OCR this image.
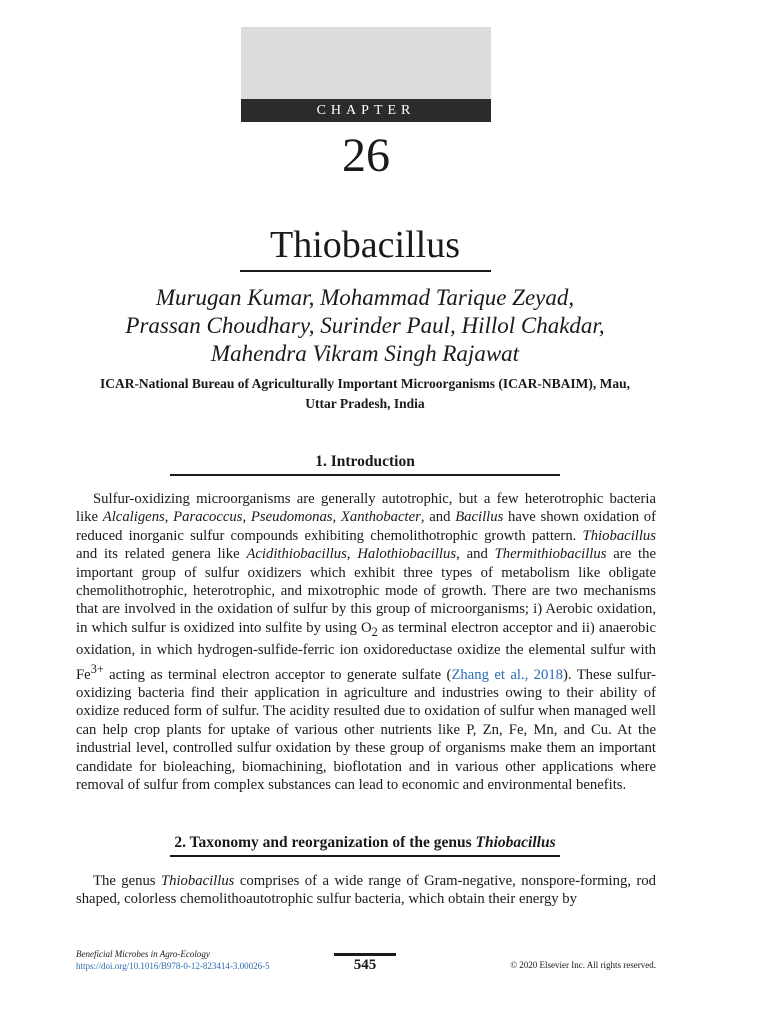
CHAPTER
26
Thiobacillus
Murugan Kumar, Mohammad Tarique Zeyad,
Prassan Choudhary, Surinder Paul, Hillol Chakdar,
Mahendra Vikram Singh Rajawat
ICAR-National Bureau of Agriculturally Important Microorganisms (ICAR-NBAIM), Mau,
Uttar Pradesh, India
1. Introduction

Sulfur-oxidizing microorganisms are generally autotrophic, but a few heterotrophic bacteria like Alcaligens, Paracoccus, Pseudomonas, Xanthobacter, and Bacillus have shown oxidation of reduced inorganic sulfur compounds exhibiting chemolithotrophic growth pattern. Thiobacillus and its related genera like Acidithiobacillus, Halothiobacillus, and Thermithiobacillus are the important group of sulfur oxidizers which exhibit three types of metabolism like obligate chemolithotrophic, heterotrophic, and mixotrophic mode of growth. There are two mechanisms that are involved in the oxidation of sulfur by this group of microorganisms; i) Aerobic oxidation, in which sulfur is oxidized into sulfite by using $O_2$ as terminal electron acceptor and ii) anaerobic oxidation, in which hydrogen-sulfide-ferric ion oxidoreductase oxidize the elemental sulfur with $Fe^{3+}$ acting as terminal electron acceptor to generate sulfate (Zhang et al., 2018). These sulfur-oxidizing bacteria find their application in agriculture and industries owing to their ability of oxidize reduced form of sulfur. The acidity resulted due to oxidation of sulfur when managed well can help crop plants for uptake of various other nutrients like P, Zn, Fe, Mn, and Cu. At the industrial level, controlled sulfur oxidation by these group of organisms make them an important candidate for bioleaching, biomachining, bioflotation and in various other applications where removal of sulfur from complex substances can lead to economic and environmental benefits.

2. Taxonomy and reorganization of the genus Thiobacillus

The genus Thiobacillus comprises of a wide range of Gram-negative, nonspore-forming, rod shaped, colorless chemolithoautotrophic sulfur bacteria, which obtain their energy by

Beneficial Microbes in Agro-Ecology
https://doi.org/10.1016/B978-0-12-823414-3.00026-5	545	© 2020 Elsevier Inc. All rights reserved.
